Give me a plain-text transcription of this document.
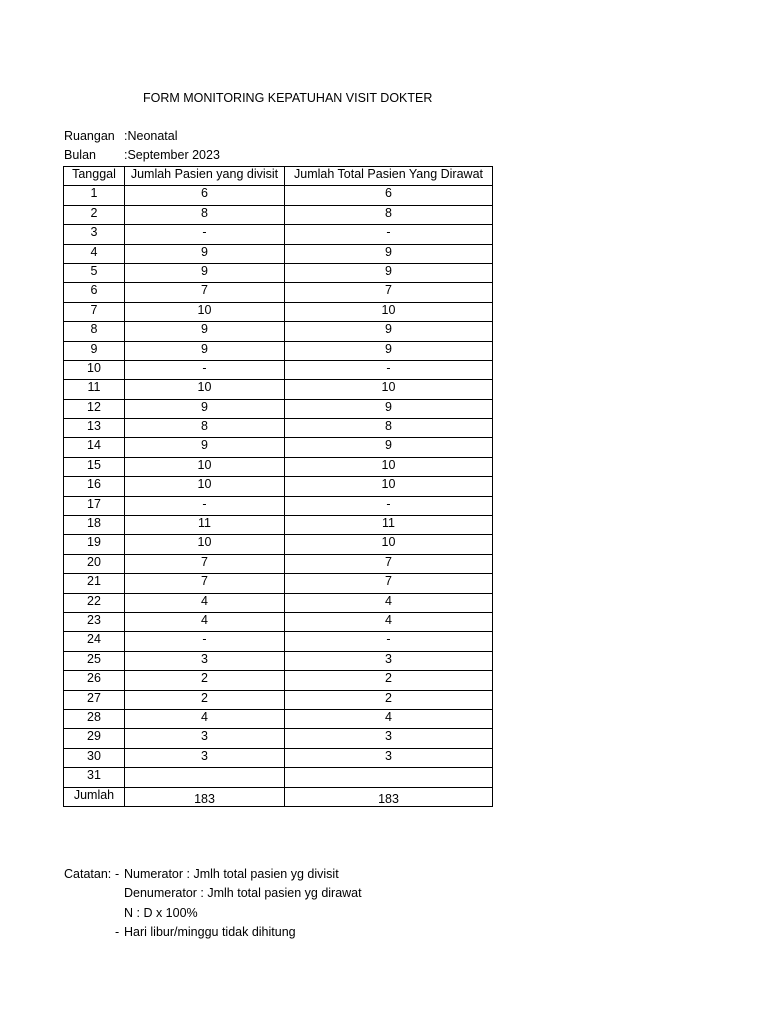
FORM MONITORING KEPATUHAN VISIT DOKTER
Ruangan :Neonatal
Bulan :September 2023
Tanggal	Jumlah Pasien yang divisit	Jumlah Total Pasien Yang Dirawat
1	6	6
2	8	8
3	-	-
4	9	9
5	9	9
6	7	7
7	10	10
8	9	9
9	9	9
10	-	-
11	10	10
12	9	9
13	8	8
14	9	9
15	10	10
16	10	10
17	-	-
18	11	11
19	10	10
20	7	7
21	7	7
22	4	4
23	4	4
24	-	-
25	3	3
26	2	2
27	2	2
28	4	4
29	3	3
30	3	3
31		
Jumlah	183	183
Catatan: - Numerator : Jmlh total pasien yg divisit
Denumerator : Jmlh total pasien yg dirawat
N : D x 100%
- Hari libur/minggu tidak dihitung
